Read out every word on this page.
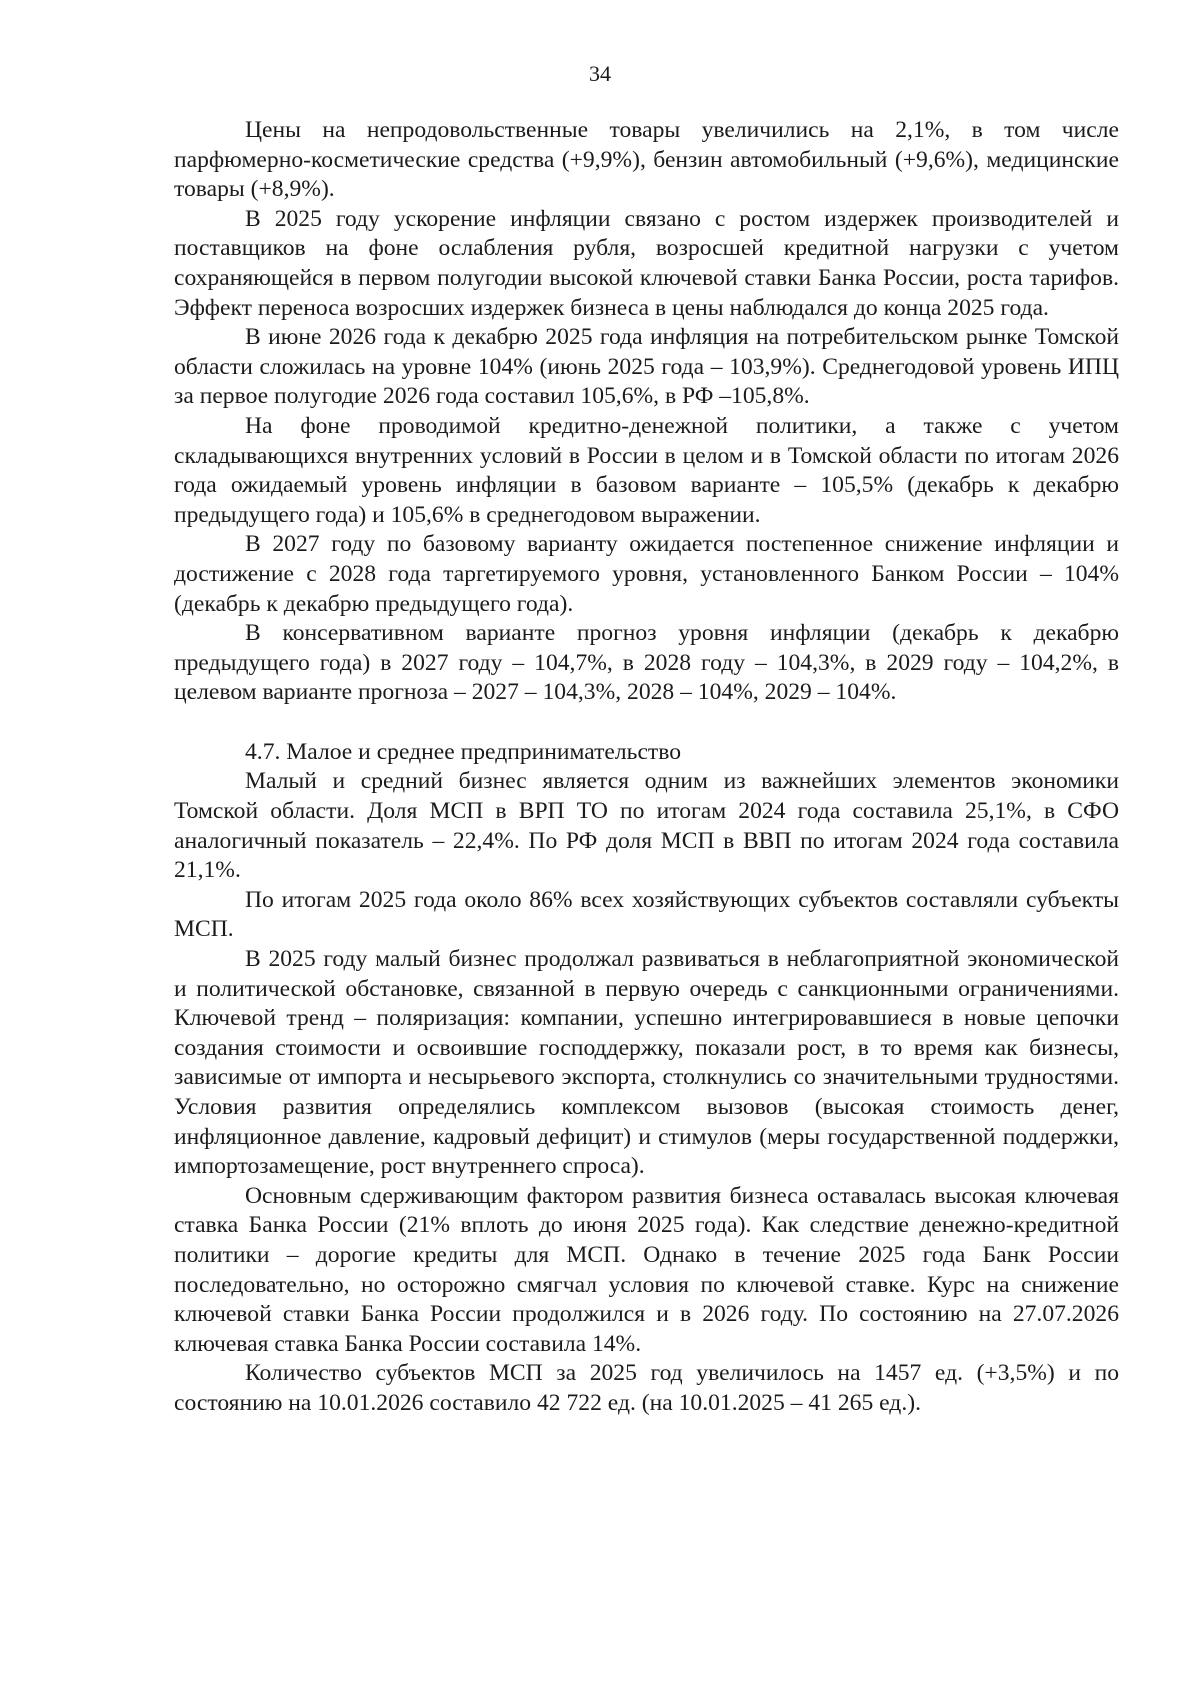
34

Цены на непродовольственные товары увеличились на 2,1%, в том числе парфюмерно-косметические средства (+9,9%), бензин автомобильный (+9,6%), медицинские товары (+8,9%).

В 2025 году ускорение инфляции связано с ростом издержек производителей и поставщиков на фоне ослабления рубля, возросшей кредитной нагрузки с учетом сохраняющейся в первом полугодии высокой ключевой ставки Банка России, роста тарифов. Эффект переноса возросших издержек бизнеса в цены наблюдался до конца 2025 года.

В июне 2026 года к декабрю 2025 года инфляция на потребительском рынке Томской области сложилась на уровне 104% (июнь 2025 года – 103,9%). Среднегодовой уровень ИПЦ за первое полугодие 2026 года составил 105,6%, в РФ –105,8%.

На фоне проводимой кредитно-денежной политики, а также с учетом складывающихся внутренних условий в России в целом и в Томской области по итогам 2026 года ожидаемый уровень инфляции в базовом варианте – 105,5% (декабрь к декабрю предыдущего года) и 105,6% в среднегодовом выражении.

В 2027 году по базовому варианту ожидается постепенное снижение инфляции и достижение с 2028 года таргетируемого уровня, установленного Банком России – 104% (декабрь к декабрю предыдущего года).

В консервативном варианте прогноз уровня инфляции (декабрь к декабрю предыдущего года) в 2027 году – 104,7%, в 2028 году – 104,3%, в 2029 году – 104,2%, в целевом варианте прогноза – 2027 – 104,3%, 2028 – 104%, 2029 – 104%.

4.7. Малое и среднее предпринимательство

Малый и средний бизнес является одним из важнейших элементов экономики Томской области. Доля МСП в ВРП ТО по итогам 2024 года составила 25,1%, в СФО аналогичный показатель – 22,4%. По РФ доля МСП в ВВП по итогам 2024 года составила 21,1%.

По итогам 2025 года около 86% всех хозяйствующих субъектов составляли субъекты МСП.

В 2025 году малый бизнес продолжал развиваться в неблагоприятной экономической и политической обстановке, связанной в первую очередь с санкционными ограничениями. Ключевой тренд – поляризация: компании, успешно интегрировавшиеся в новые цепочки создания стоимости и освоившие господдержку, показали рост, в то время как бизнесы, зависимые от импорта и несырьевого экспорта, столкнулись со значительными трудностями. Условия развития определялись комплексом вызовов (высокая стоимость денег, инфляционное давление, кадровый дефицит) и стимулов (меры государственной поддержки, импортозамещение, рост внутреннего спроса).

Основным сдерживающим фактором развития бизнеса оставалась высокая ключевая ставка Банка России (21% вплоть до июня 2025 года). Как следствие денежно-кредитной политики – дорогие кредиты для МСП. Однако в течение 2025 года Банк России последовательно, но осторожно смягчал условия по ключевой ставке. Курс на снижение ключевой ставки Банка России продолжился и в 2026 году. По состоянию на 27.07.2026 ключевая ставка Банка России составила 14%.

Количество субъектов МСП за 2025 год увеличилось на 1457 ед. (+3,5%) и по состоянию на 10.01.2026 составило 42 722 ед. (на 10.01.2025 – 41 265 ед.).
